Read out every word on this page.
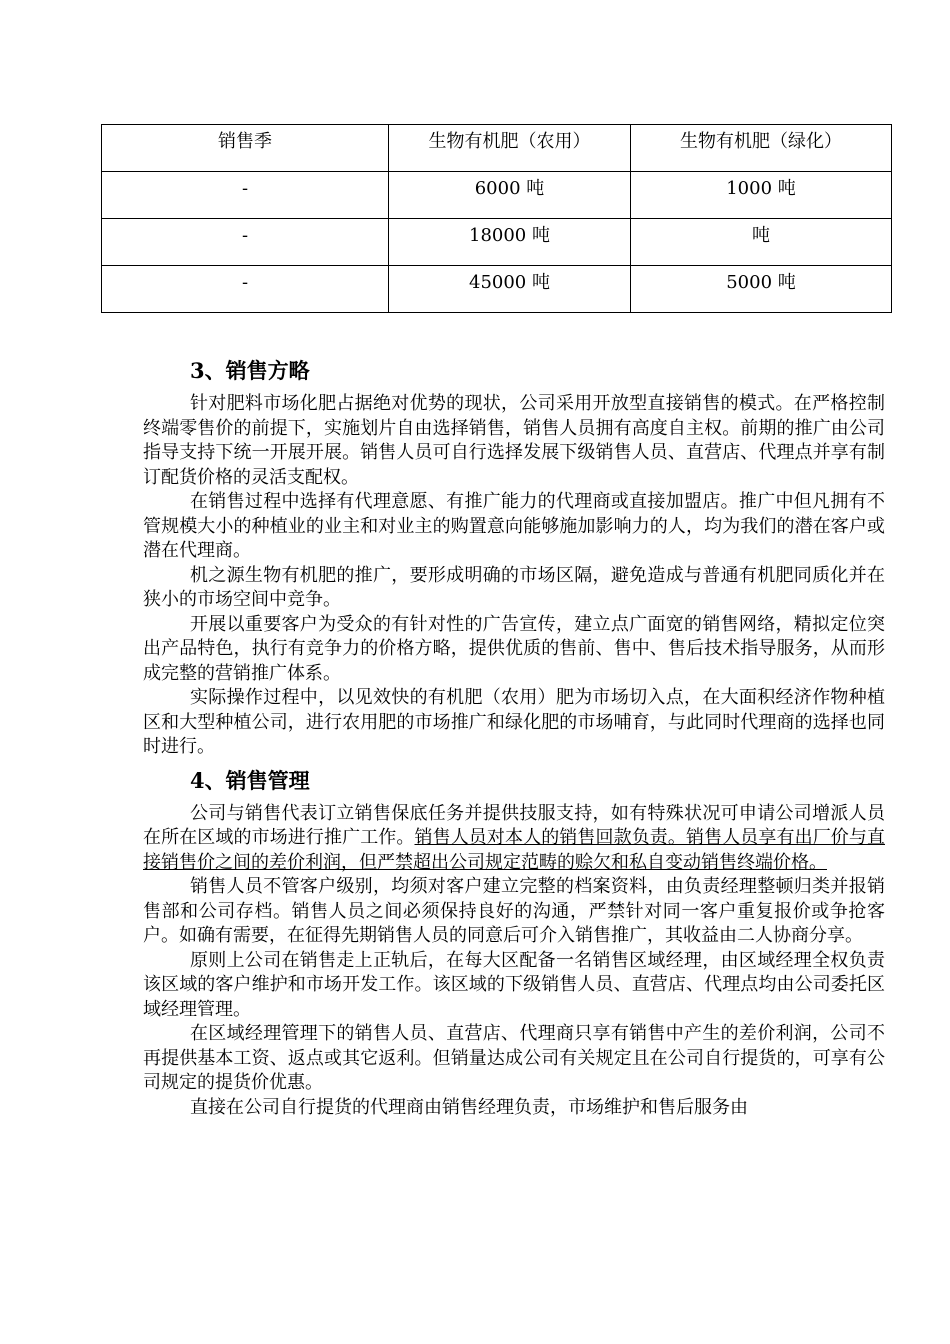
销售季	生物有机肥（农用）	生物有机肥（绿化）
-	6000 吨	1000 吨
-	18000 吨	吨
-	45000 吨	5000 吨
3、销售方略

针对肥料市场化肥占据绝对优势的现状，公司采用开放型直接销售的模式。在严格控制终端零售价的前提下，实施划片自由选择销售，销售人员拥有高度自主权。前期的推广由公司指导支持下统一开展开展。销售人员可自行选择发展下级销售人员、直营店、代理点并享有制订配货价格的灵活支配权。

在销售过程中选择有代理意愿、有推广能力的代理商或直接加盟店。推广中但凡拥有不管规模大小的种植业的业主和对业主的购置意向能够施加影响力的人，均为我们的潜在客户或潜在代理商。

机之源生物有机肥的推广，要形成明确的市场区隔，避免造成与普通有机肥同质化并在狭小的市场空间中竞争。

开展以重要客户为受众的有针对性的广告宣传，建立点广面宽的销售网络，精拟定位突出产品特色，执行有竞争力的价格方略，提供优质的售前、售中、售后技术指导服务，从而形成完整的营销推广体系。

实际操作过程中，以见效快的有机肥（农用）肥为市场切入点，在大面积经济作物种植区和大型种植公司，进行农用肥的市场推广和绿化肥的市场哺育，与此同时代理商的选择也同时进行。

4、销售管理

公司与销售代表订立销售保底任务并提供技服支持，如有特殊状况可申请公司增派人员在所在区域的市场进行推广工作。销售人员对本人的销售回款负责。销售人员享有出厂价与直接销售价之间的差价利润，但严禁超出公司规定范畴的赊欠和私自变动销售终端价格。

销售人员不管客户级别，均须对客户建立完整的档案资料，由负责经理整顿归类并报销售部和公司存档。销售人员之间必须保持良好的沟通，严禁针对同一客户重复报价或争抢客户。如确有需要，在征得先期销售人员的同意后可介入销售推广，其收益由二人协商分享。

原则上公司在销售走上正轨后，在每大区配备一名销售区域经理，由区域经理全权负责该区域的客户维护和市场开发工作。该区域的下级销售人员、直营店、代理点均由公司委托区域经理管理。

在区域经理管理下的销售人员、直营店、代理商只享有销售中产生的差价利润，公司不再提供基本工资、返点或其它返利。但销量达成公司有关规定且在公司自行提货的，可享有公司规定的提货价优惠。

直接在公司自行提货的代理商由销售经理负责，市场维护和售后服务由
